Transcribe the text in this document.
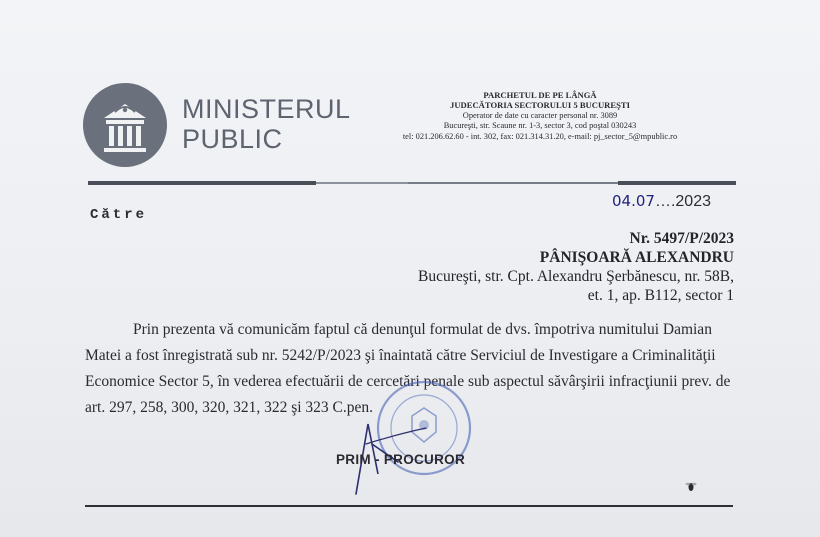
MINISTERUL
PUBLIC
PARCHETUL DE PE LÂNGĂ
JUDECĂTORIA SECTORULUI 5 BUCUREŞTI
Operator de date cu caracter personal nr. 3089
Bucureşti, str. Scaune nr. 1-3, sector 3, cod poştal 030243
tel: 021.206.62.60 - int. 302, fax: 021.314.31.20, e-mail: pj_sector_5@mpublic.ro
Către
04.07….2023
Nr. 5497/P/2023
PÂNIŞOARĂ ALEXANDRU
Bucureşti, str. Cpt. Alexandru Şerbănescu, nr. 58B,
et. 1, ap. B112, sector 1

Prin prezenta vă comunicăm faptul că denunţul formulat de dvs. împotriva numitului Damian

Matei a fost înregistrată sub nr. 5242/P/2023 şi înaintată către Serviciul de Investigare a Criminalităţii

Economice Sector 5, în vederea efectuării de cercetări penale sub aspectul săvârşirii infracţiunii prev. de

art. 297, 258, 300, 320, 321, 322 şi 323 C.pen.

PRIM - PROCUROR
